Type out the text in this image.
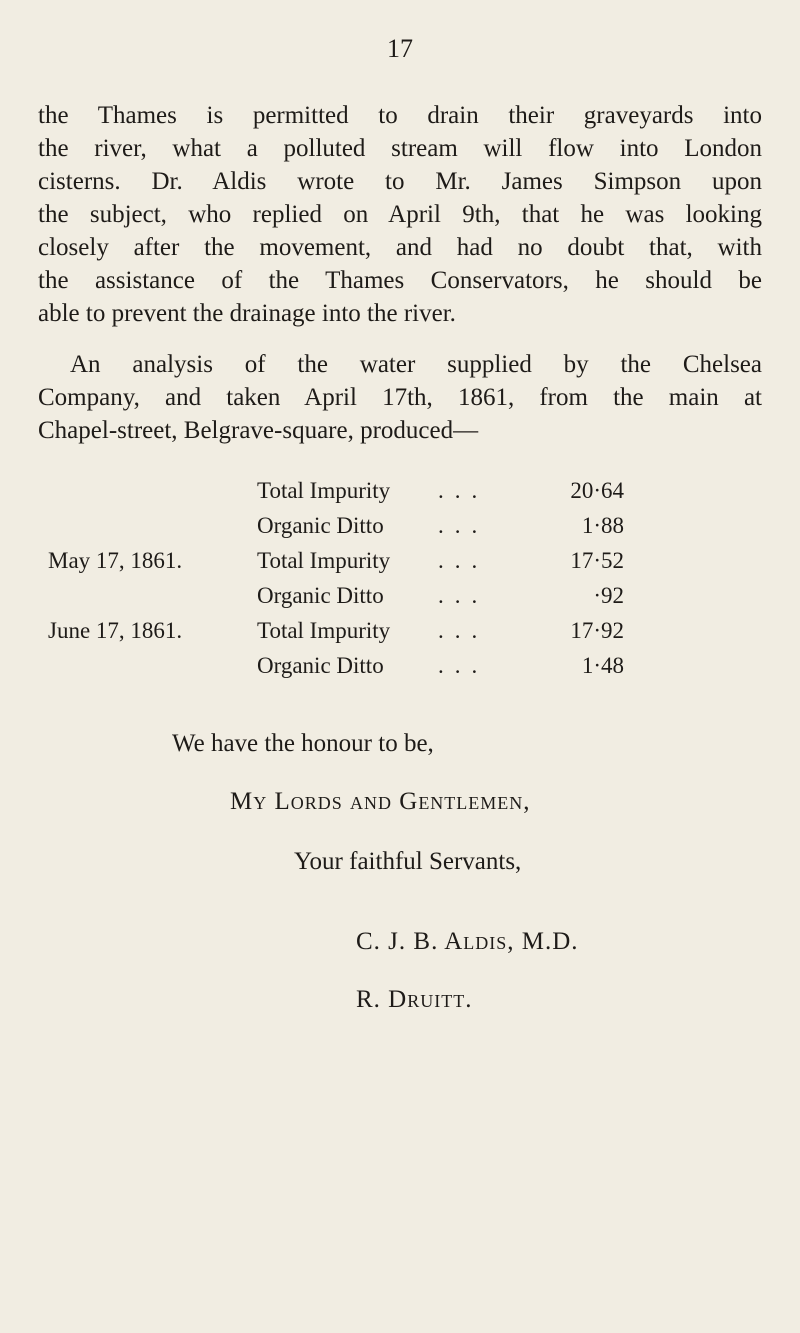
17

the Thames is permitted to drain their graveyards into
the river, what a polluted stream will flow into London
cisterns. Dr. Aldis wrote to Mr. James Simpson upon
the subject, who replied on April 9th, that he was looking
closely after the movement, and had no doubt that, with
the assistance of the Thames Conservators, he should be
able to prevent the drainage into the river.

An analysis of the water supplied by the Chelsea
Company, and taken April 17th, 1861, from the main at
Chapel-street, Belgrave-square, produced—

Total Impurity ...	20·64
Organic Ditto ...	1·88
May 17, 1861.	Total Impurity ...	17·52
Organic Ditto ...	·92
June 17, 1861.	Total Impurity ...	17·92
Organic Ditto ...	1·48
We have the honour to be,
My Lords and Gentlemen,
Your faithful Servants,
C. J. B. Aldis, M.D.
R. Druitt.
